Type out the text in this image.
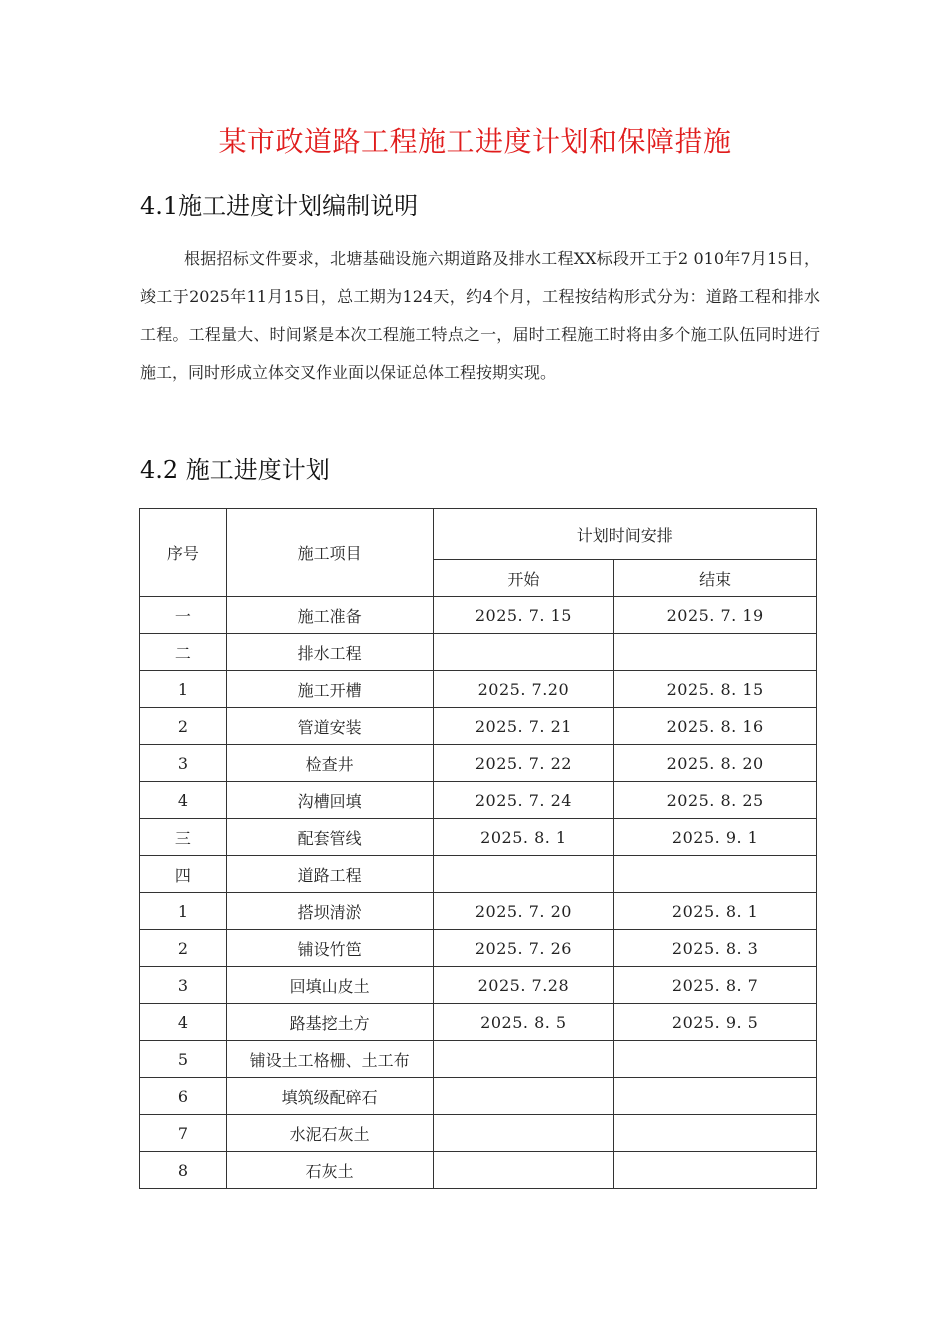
某市政道路工程施工进度计划和保障措施
4.1施工进度计划编制说明

根据招标文件要求，北塘基础设施六期道路及排水工程XX标段开工于2 010年7月15日，竣工于2025年11月15日，总工期为124天，约4个月，工程按结构形式分为：道路工程和排水工程。工程量大、时间紧是本次工程施工特点之一，届时工程施工时将由多个施工队伍同时进行施工，同时形成立体交叉作业面以保证总体工程按期实现。

4.2 施工进度计划
序号	施工项目	计划时间安排	
		开始	结束
一	施工准备	2025. 7. 15	2025. 7. 19
二	排水工程		
1	施工开槽	2025. 7.20	2025. 8. 15
2	管道安装	2025. 7. 21	2025. 8. 16
3	检查井	2025. 7. 22	2025. 8. 20
4	沟槽回填	2025. 7. 24	2025. 8. 25
三	配套管线	2025. 8. 1	2025. 9. 1
四	道路工程		
1	搭坝清淤	2025. 7. 20	2025. 8. 1
2	铺设竹笆	2025. 7. 26	2025. 8. 3
3	回填山皮土	2025. 7.28	2025. 8. 7
4	路基挖土方	2025. 8. 5	2025. 9. 5
5	铺设土工格栅、土工布		
6	填筑级配碎石		
7	水泥石灰土		
8	石灰土		
